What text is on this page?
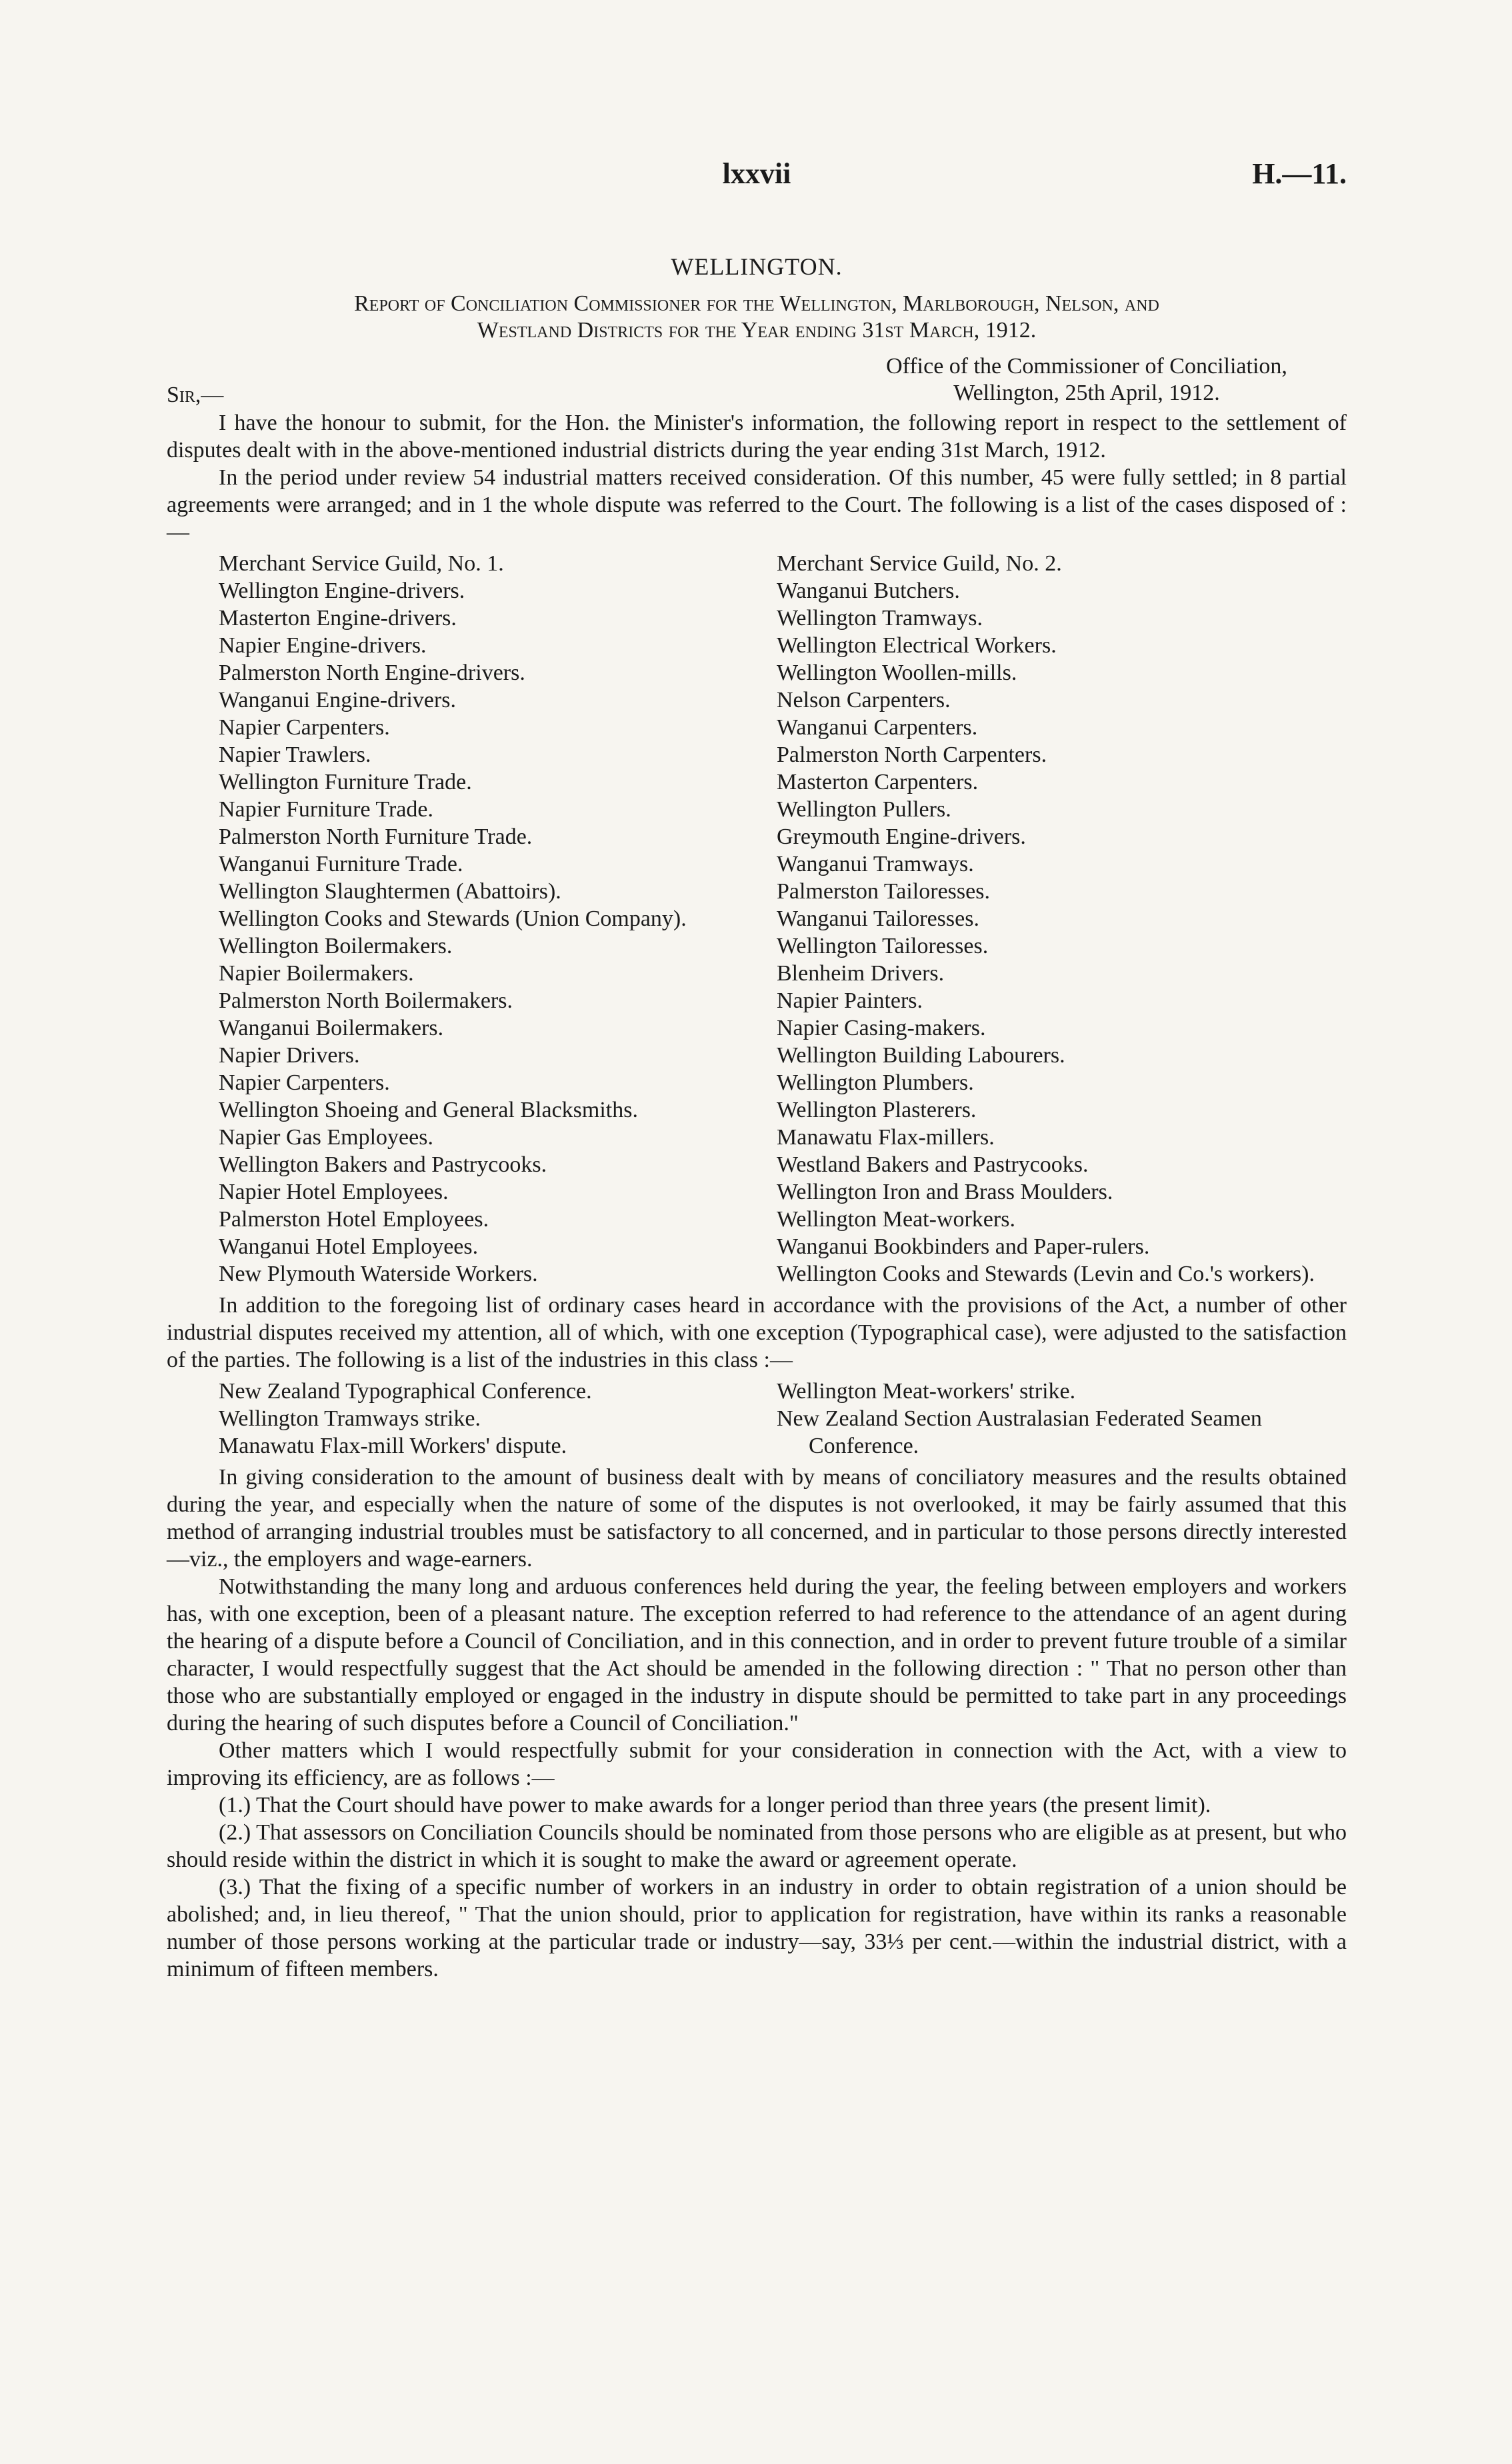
lxxvii	H.—11.
WELLINGTON.
Report of Conciliation Commissioner for the Wellington, Marlborough, Nelson, and
Westland Districts for the Year ending 31st March, 1912.
Office of the Commissioner of Conciliation,
Wellington, 25th April, 1912.
Sir,—

I have the honour to submit, for the Hon. the Minister's information, the following report in respect to the settlement of disputes dealt with in the above-mentioned industrial districts during the year ending 31st March, 1912.

In the period under review 54 industrial matters received consideration. Of this number, 45 were fully settled; in 8 partial agreements were arranged; and in 1 the whole dispute was referred to the Court. The following is a list of the cases disposed of :—

Merchant Service Guild, No. 1.
Wellington Engine-drivers.
Masterton Engine-drivers.
Napier Engine-drivers.
Palmerston North Engine-drivers.
Wanganui Engine-drivers.
Napier Carpenters.
Napier Trawlers.
Wellington Furniture Trade.
Napier Furniture Trade.
Palmerston North Furniture Trade.
Wanganui Furniture Trade.
Wellington Slaughtermen (Abattoirs).
Wellington Cooks and Stewards (Union Company).
Wellington Boilermakers.
Napier Boilermakers.
Palmerston North Boilermakers.
Wanganui Boilermakers.
Napier Drivers.
Napier Carpenters.
Wellington Shoeing and General Blacksmiths.
Napier Gas Employees.
Wellington Bakers and Pastrycooks.
Napier Hotel Employees.
Palmerston Hotel Employees.
Wanganui Hotel Employees.
New Plymouth Waterside Workers.
Merchant Service Guild, No. 2.
Wanganui Butchers.
Wellington Tramways.
Wellington Electrical Workers.
Wellington Woollen-mills.
Nelson Carpenters.
Wanganui Carpenters.
Palmerston North Carpenters.
Masterton Carpenters.
Wellington Pullers.
Greymouth Engine-drivers.
Wanganui Tramways.
Palmerston Tailoresses.
Wanganui Tailoresses.
Wellington Tailoresses.
Blenheim Drivers.
Napier Painters.
Napier Casing-makers.
Wellington Building Labourers.
Wellington Plumbers.
Wellington Plasterers.
Manawatu Flax-millers.
Westland Bakers and Pastrycooks.
Wellington Iron and Brass Moulders.
Wellington Meat-workers.
Wanganui Bookbinders and Paper-rulers.
Wellington Cooks and Stewards (Levin and Co.'s workers).

In addition to the foregoing list of ordinary cases heard in accordance with the provisions of the Act, a number of other industrial disputes received my attention, all of which, with one exception (Typographical case), were adjusted to the satisfaction of the parties. The following is a list of the industries in this class :—

New Zealand Typographical Conference.
Wellington Tramways strike.
Manawatu Flax-mill Workers' dispute.
Wellington Meat-workers' strike.
New Zealand Section Australasian Federated Seamen Conference.

In giving consideration to the amount of business dealt with by means of conciliatory measures and the results obtained during the year, and especially when the nature of some of the disputes is not overlooked, it may be fairly assumed that this method of arranging industrial troubles must be satisfactory to all concerned, and in particular to those persons directly interested—viz., the employers and wage-earners.

Notwithstanding the many long and arduous conferences held during the year, the feeling between employers and workers has, with one exception, been of a pleasant nature. The exception referred to had reference to the attendance of an agent during the hearing of a dispute before a Council of Conciliation, and in this connection, and in order to prevent future trouble of a similar character, I would respectfully suggest that the Act should be amended in the following direction : " That no person other than those who are substantially employed or engaged in the industry in dispute should be permitted to take part in any proceedings during the hearing of such disputes before a Council of Conciliation."

Other matters which I would respectfully submit for your consideration in connection with the Act, with a view to improving its efficiency, are as follows :—

(1.) That the Court should have power to make awards for a longer period than three years (the present limit).

(2.) That assessors on Conciliation Councils should be nominated from those persons who are eligible as at present, but who should reside within the district in which it is sought to make the award or agreement operate.

(3.) That the fixing of a specific number of workers in an industry in order to obtain registration of a union should be abolished; and, in lieu thereof, " That the union should, prior to application for registration, have within its ranks a reasonable number of those persons working at the particular trade or industry—say, 33⅓ per cent.—within the industrial district, with a minimum of fifteen members.
